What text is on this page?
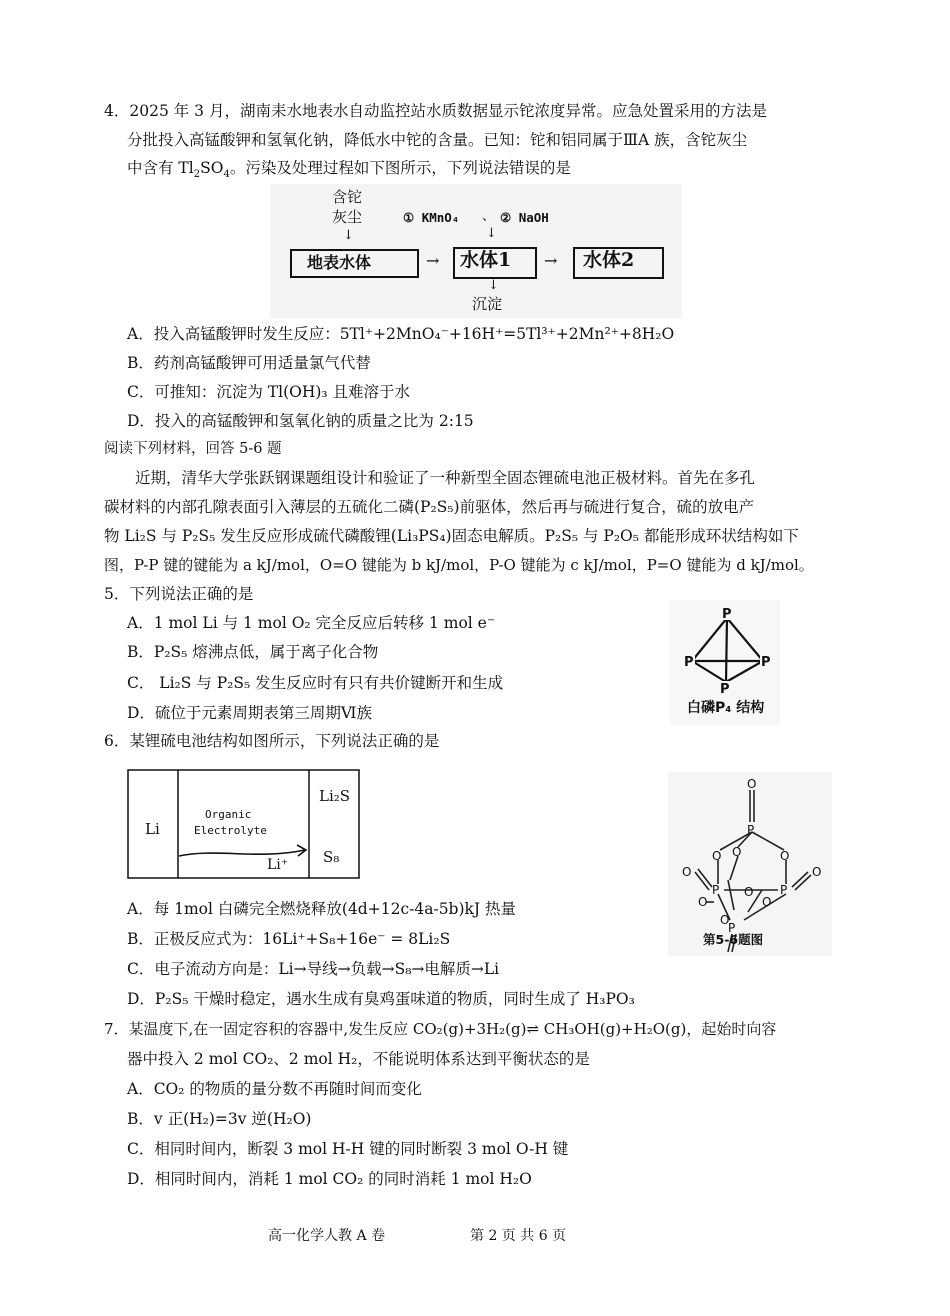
4．2025 年 3 月，湖南耒水地表水自动监控站水质数据显示铊浓度异常。应急处置采用的方法是
分批投入高锰酸钾和氢氧化钠，降低水中铊的含量。已知：铊和铝同属于ⅢA 族，含铊灰尘
中含有 $Tl_2SO_4$。污染及处理过程如下图所示，下列说法错误的是
含铊
灰尘
↓
① KMnO₄ 、 ② NaOH
↓
地表水体	→ 水体1 → 水体2
↓
沉淀
A．投入高锰酸钾时发生反应：5Tl⁺+2MnO₄⁻+16H⁺=5Tl³⁺+2Mn²⁺+8H₂O
B．药剂高锰酸钾可用适量氯气代替
C．可推知：沉淀为 Tl(OH)₃ 且难溶于水
D．投入的高锰酸钾和氢氧化钠的质量之比为 2:15
阅读下列材料，回答 5-6 题
近期，清华大学张跃钢课题组设计和验证了一种新型全固态锂硫电池正极材料。首先在多孔
碳材料的内部孔隙表面引入薄层的五硫化二磷(P₂S₅)前驱体，然后再与硫进行复合，硫的放电产
物 Li₂S 与 P₂S₅ 发生反应形成硫代磷酸锂(Li₃PS₄)固态电解质。P₂S₅ 与 P₂O₅ 都能形成环状结构如下
图，P-P 键的键能为 a kJ/mol，O=O 键能为 b kJ/mol，P-O 键能为 c kJ/mol，P=O 键能为 d kJ/mol。
5．下列说法正确的是
A．1 mol Li 与 1 mol O₂ 完全反应后转移 1 mol e⁻
B．P₂S₅ 熔沸点低，属于离子化合物
C． Li₂S 与 P₂S₅ 发生反应时有只有共价键断开和生成
D．硫位于元素周期表第三周期Ⅵ族
P
P	P
P
白磷P₄ 结构
6．某锂硫电池结构如图所示，下列说法正确的是
Li
Organic
Electrolyte
Li⁺
Li₂S
S₈
O
P
O	O
O
O
P	P
O
O
O	O
P
O
第5-6题图
A．每 1mol 白磷完全燃烧释放(4d+12c-4a-5b)kJ 热量
B．正极反应式为：16Li⁺+S₈+16e⁻ = 8Li₂S
C．电子流动方向是：Li→导线→负载→S₈→电解质→Li
D．P₂S₅ 干燥时稳定，遇水生成有臭鸡蛋味道的物质，同时生成了 H₃PO₃
7．某温度下,在一固定容积的容器中,发生反应 CO₂(g)+3H₂(g)⇌ CH₃OH(g)+H₂O(g)，起始时向容
器中投入 2 mol CO₂、2 mol H₂，不能说明体系达到平衡状态的是
A．CO₂ 的物质的量分数不再随时间而变化
B．v 正(H₂)=3v 逆(H₂O)
C．相同时间内，断裂 3 mol H-H 键的同时断裂 3 mol O-H 键
D．相同时间内，消耗 1 mol CO₂ 的同时消耗 1 mol H₂O
高一化学人教 A 卷	第 2 页 共 6 页
